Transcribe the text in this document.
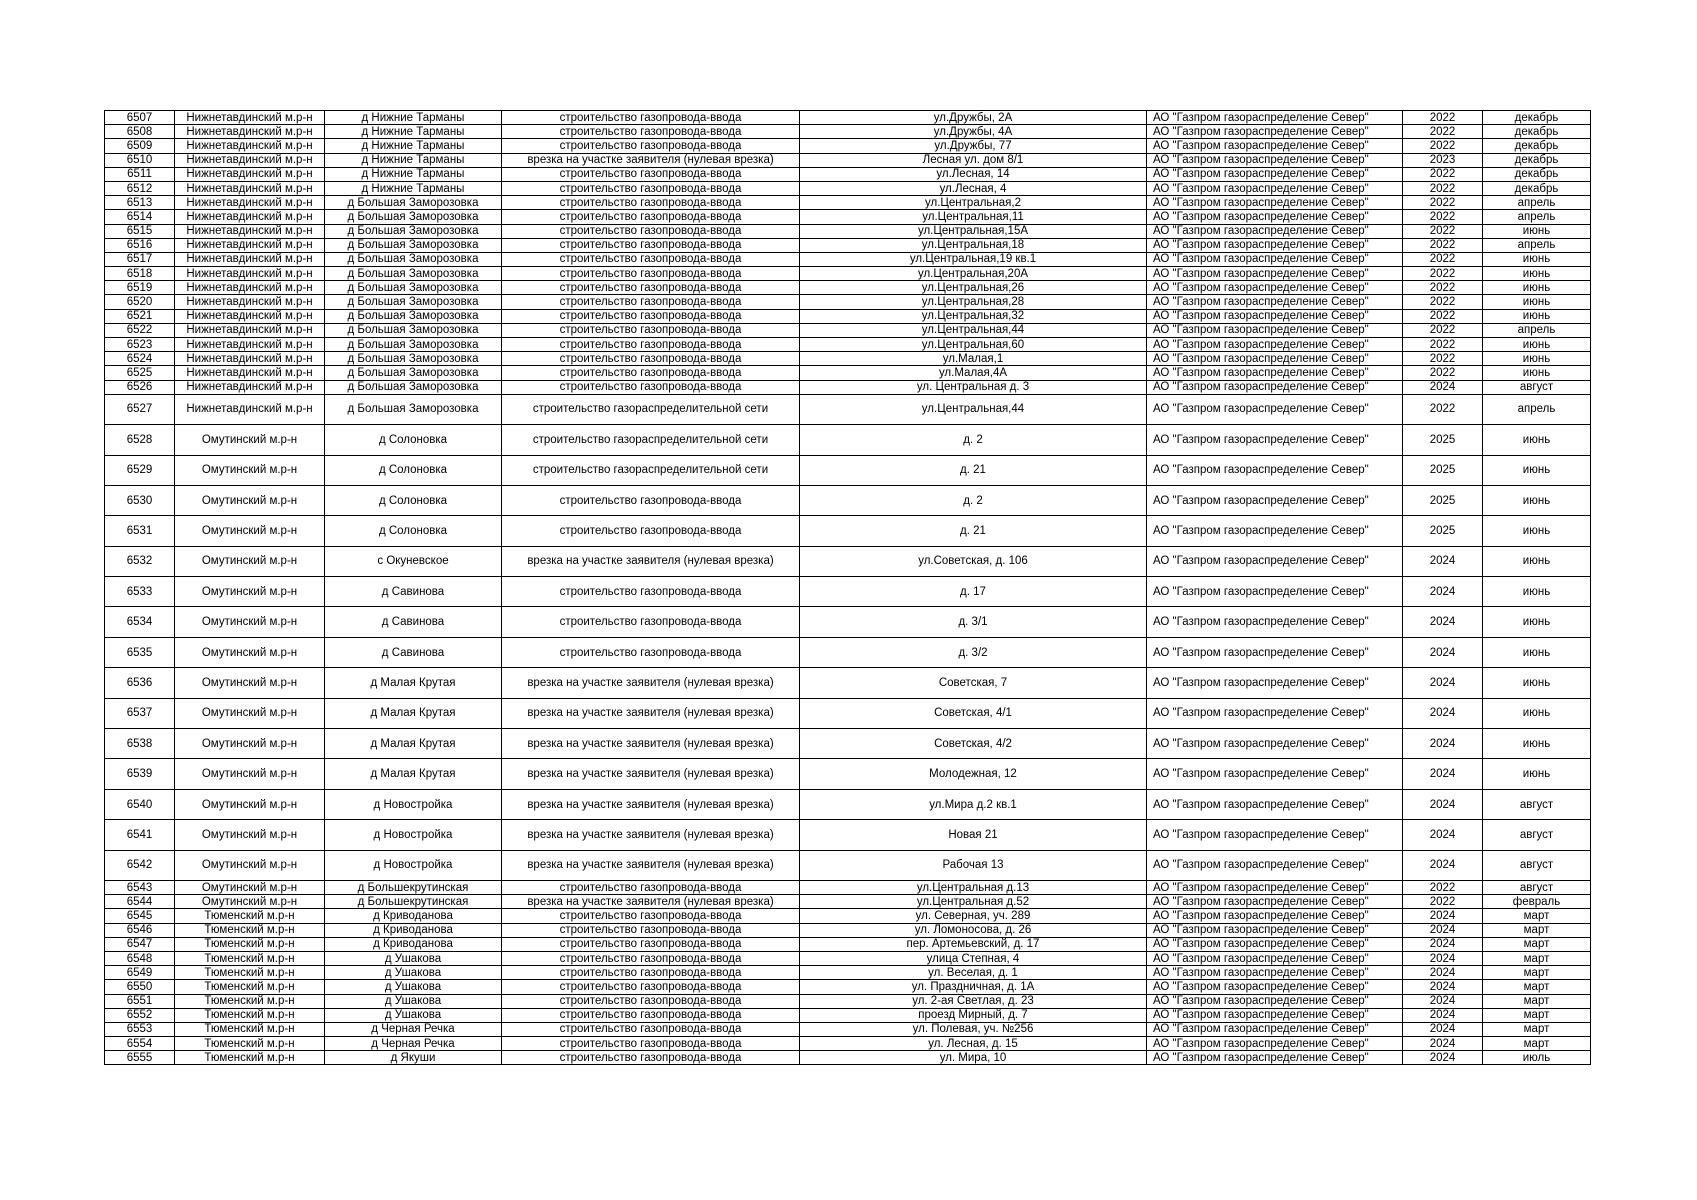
6507	Нижнетавдинский м.р-н	д Нижние Тарманы	строительство газопровода-ввода	ул.Дружбы, 2А	АО "Газпром газораспределение Север"	2022	декабрь
6508	Нижнетавдинский м.р-н	д Нижние Тарманы	строительство газопровода-ввода	ул.Дружбы, 4А	АО "Газпром газораспределение Север"	2022	декабрь
6509	Нижнетавдинский м.р-н	д Нижние Тарманы	строительство газопровода-ввода	ул.Дружбы, 77	АО "Газпром газораспределение Север"	2022	декабрь
6510	Нижнетавдинский м.р-н	д Нижние Тарманы	врезка на участке заявителя (нулевая врезка)	Лесная ул. дом 8/1	АО "Газпром газораспределение Север"	2023	декабрь
6511	Нижнетавдинский м.р-н	д Нижние Тарманы	строительство газопровода-ввода	ул.Лесная, 14	АО "Газпром газораспределение Север"	2022	декабрь
6512	Нижнетавдинский м.р-н	д Нижние Тарманы	строительство газопровода-ввода	ул.Лесная, 4	АО "Газпром газораспределение Север"	2022	декабрь
6513	Нижнетавдинский м.р-н	д Большая Заморозовка	строительство газопровода-ввода	ул.Центральная,2	АО "Газпром газораспределение Север"	2022	апрель
6514	Нижнетавдинский м.р-н	д Большая Заморозовка	строительство газопровода-ввода	ул.Центральная,11	АО "Газпром газораспределение Север"	2022	апрель
6515	Нижнетавдинский м.р-н	д Большая Заморозовка	строительство газопровода-ввода	ул.Центральная,15А	АО "Газпром газораспределение Север"	2022	июнь
6516	Нижнетавдинский м.р-н	д Большая Заморозовка	строительство газопровода-ввода	ул.Центральная,18	АО "Газпром газораспределение Север"	2022	апрель
6517	Нижнетавдинский м.р-н	д Большая Заморозовка	строительство газопровода-ввода	ул.Центральная,19 кв.1	АО "Газпром газораспределение Север"	2022	июнь
6518	Нижнетавдинский м.р-н	д Большая Заморозовка	строительство газопровода-ввода	ул.Центральная,20А	АО "Газпром газораспределение Север"	2022	июнь
6519	Нижнетавдинский м.р-н	д Большая Заморозовка	строительство газопровода-ввода	ул.Центральная,26	АО "Газпром газораспределение Север"	2022	июнь
6520	Нижнетавдинский м.р-н	д Большая Заморозовка	строительство газопровода-ввода	ул.Центральная,28	АО "Газпром газораспределение Север"	2022	июнь
6521	Нижнетавдинский м.р-н	д Большая Заморозовка	строительство газопровода-ввода	ул.Центральная,32	АО "Газпром газораспределение Север"	2022	июнь
6522	Нижнетавдинский м.р-н	д Большая Заморозовка	строительство газопровода-ввода	ул.Центральная,44	АО "Газпром газораспределение Север"	2022	апрель
6523	Нижнетавдинский м.р-н	д Большая Заморозовка	строительство газопровода-ввода	ул.Центральная,60	АО "Газпром газораспределение Север"	2022	июнь
6524	Нижнетавдинский м.р-н	д Большая Заморозовка	строительство газопровода-ввода	ул.Малая,1	АО "Газпром газораспределение Север"	2022	июнь
6525	Нижнетавдинский м.р-н	д Большая Заморозовка	строительство газопровода-ввода	ул.Малая,4А	АО "Газпром газораспределение Север"	2022	июнь
6526	Нижнетавдинский м.р-н	д Большая Заморозовка	строительство газопровода-ввода	ул. Центральная д. 3	АО "Газпром газораспределение Север"	2024	август
6527	Нижнетавдинский м.р-н	д Большая Заморозовка	строительство газораспределительной сети	ул.Центральная,44	АО "Газпром газораспределение Север"	2022	апрель
6528	Омутинский м.р-н	д Солоновка	строительство газораспределительной сети	д. 2	АО "Газпром газораспределение Север"	2025	июнь
6529	Омутинский м.р-н	д Солоновка	строительство газораспределительной сети	д. 21	АО "Газпром газораспределение Север"	2025	июнь
6530	Омутинский м.р-н	д Солоновка	строительство газопровода-ввода	д. 2	АО "Газпром газораспределение Север"	2025	июнь
6531	Омутинский м.р-н	д Солоновка	строительство газопровода-ввода	д. 21	АО "Газпром газораспределение Север"	2025	июнь
6532	Омутинский м.р-н	с Окуневское	врезка на участке заявителя (нулевая врезка)	ул.Советская, д. 106	АО "Газпром газораспределение Север"	2024	июнь
6533	Омутинский м.р-н	д Савинова	строительство газопровода-ввода	д. 17	АО "Газпром газораспределение Север"	2024	июнь
6534	Омутинский м.р-н	д Савинова	строительство газопровода-ввода	д. 3/1	АО "Газпром газораспределение Север"	2024	июнь
6535	Омутинский м.р-н	д Савинова	строительство газопровода-ввода	д. 3/2	АО "Газпром газораспределение Север"	2024	июнь
6536	Омутинский м.р-н	д Малая Крутая	врезка на участке заявителя (нулевая врезка)	Советская, 7	АО "Газпром газораспределение Север"	2024	июнь
6537	Омутинский м.р-н	д Малая Крутая	врезка на участке заявителя (нулевая врезка)	Советская, 4/1	АО "Газпром газораспределение Север"	2024	июнь
6538	Омутинский м.р-н	д Малая Крутая	врезка на участке заявителя (нулевая врезка)	Советская, 4/2	АО "Газпром газораспределение Север"	2024	июнь
6539	Омутинский м.р-н	д Малая Крутая	врезка на участке заявителя (нулевая врезка)	Молодежная, 12	АО "Газпром газораспределение Север"	2024	июнь
6540	Омутинский м.р-н	д Новостройка	врезка на участке заявителя (нулевая врезка)	ул.Мира д.2 кв.1	АО "Газпром газораспределение Север"	2024	август
6541	Омутинский м.р-н	д Новостройка	врезка на участке заявителя (нулевая врезка)	Новая 21	АО "Газпром газораспределение Север"	2024	август
6542	Омутинский м.р-н	д Новостройка	врезка на участке заявителя (нулевая врезка)	Рабочая 13	АО "Газпром газораспределение Север"	2024	август
6543	Омутинский м.р-н	д Большекрутинская	строительство газопровода-ввода	ул.Центральная д.13	АО "Газпром газораспределение Север"	2022	август
6544	Омутинский м.р-н	д Большекрутинская	врезка на участке заявителя (нулевая врезка)	ул.Центральная д.52	АО "Газпром газораспределение Север"	2022	февраль
6545	Тюменский м.р-н	д Криводанова	строительство газопровода-ввода	ул. Северная, уч. 289	АО "Газпром газораспределение Север"	2024	март
6546	Тюменский м.р-н	д Криводанова	строительство газопровода-ввода	ул. Ломоносова, д. 26	АО "Газпром газораспределение Север"	2024	март
6547	Тюменский м.р-н	д Криводанова	строительство газопровода-ввода	пер. Артемьевский, д. 17	АО "Газпром газораспределение Север"	2024	март
6548	Тюменский м.р-н	д Ушакова	строительство газопровода-ввода	улица Степная, 4	АО "Газпром газораспределение Север"	2024	март
6549	Тюменский м.р-н	д Ушакова	строительство газопровода-ввода	ул. Веселая, д. 1	АО "Газпром газораспределение Север"	2024	март
6550	Тюменский м.р-н	д Ушакова	строительство газопровода-ввода	ул. Праздничная, д. 1А	АО "Газпром газораспределение Север"	2024	март
6551	Тюменский м.р-н	д Ушакова	строительство газопровода-ввода	ул. 2-ая Светлая, д. 23	АО "Газпром газораспределение Север"	2024	март
6552	Тюменский м.р-н	д Ушакова	строительство газопровода-ввода	проезд Мирный, д. 7	АО "Газпром газораспределение Север"	2024	март
6553	Тюменский м.р-н	д Черная Речка	строительство газопровода-ввода	ул. Полевая, уч. №256	АО "Газпром газораспределение Север"	2024	март
6554	Тюменский м.р-н	д Черная Речка	строительство газопровода-ввода	ул. Лесная, д. 15	АО "Газпром газораспределение Север"	2024	март
6555	Тюменский м.р-н	д Якуши	строительство газопровода-ввода	ул. Мира, 10	АО "Газпром газораспределение Север"	2024	июль
